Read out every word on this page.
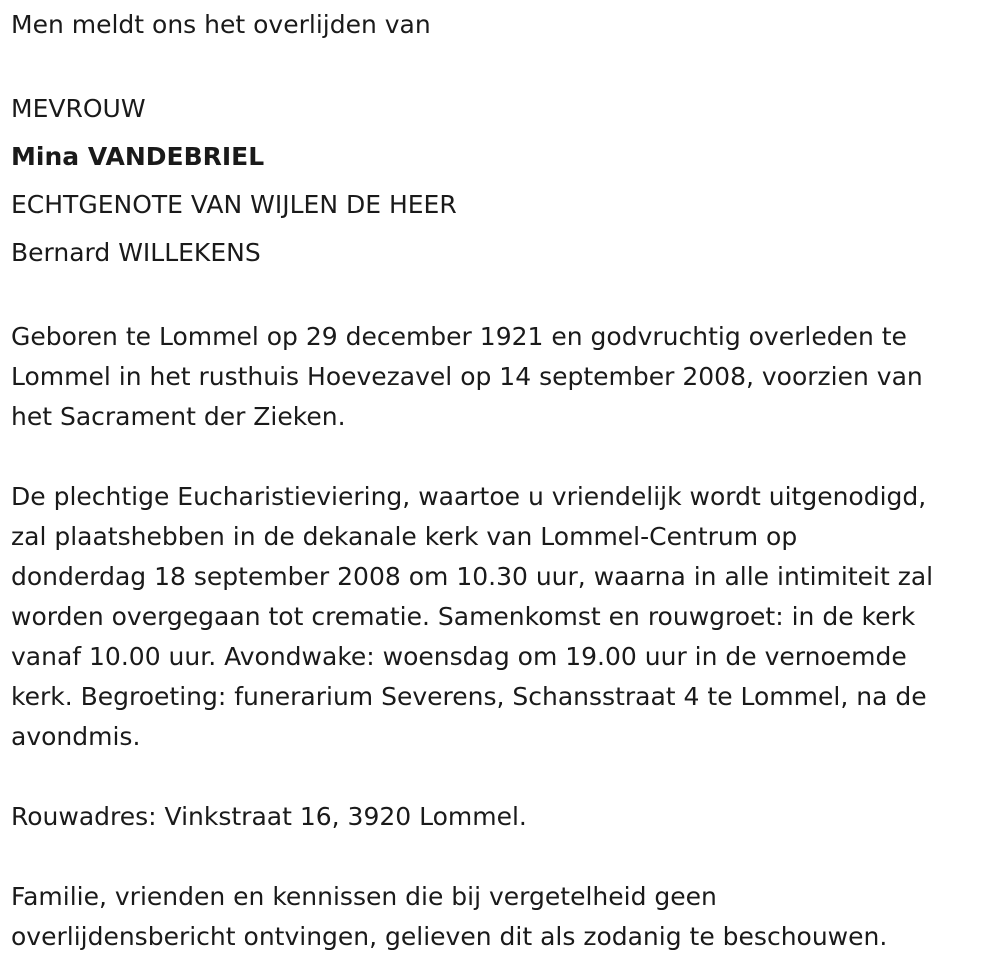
Men meldt ons het overlijden van
MEVROUW
Mina VANDEBRIEL
ECHTGENOTE VAN WIJLEN DE HEER
Bernard WILLEKENS
Geboren te Lommel op 29 december 1921 en godvruchtig overleden te
Lommel in het rusthuis Hoevezavel op 14 september 2008, voorzien van
het Sacrament der Zieken.
De plechtige Eucharistieviering, waartoe u vriendelijk wordt uitgenodigd,
zal plaatshebben in de dekanale kerk van Lommel-Centrum op
donderdag 18 september 2008 om 10.30 uur, waarna in alle intimiteit zal
worden overgegaan tot crematie. Samenkomst en rouwgroet: in de kerk
vanaf 10.00 uur. Avondwake: woensdag om 19.00 uur in de vernoemde
kerk. Begroeting: funerarium Severens, Schansstraat 4 te Lommel, na de
avondmis.
Rouwadres: Vinkstraat 16, 3920 Lommel.
Familie, vrienden en kennissen die bij vergetelheid geen
overlijdensbericht ontvingen, gelieven dit als zodanig te beschouwen.
